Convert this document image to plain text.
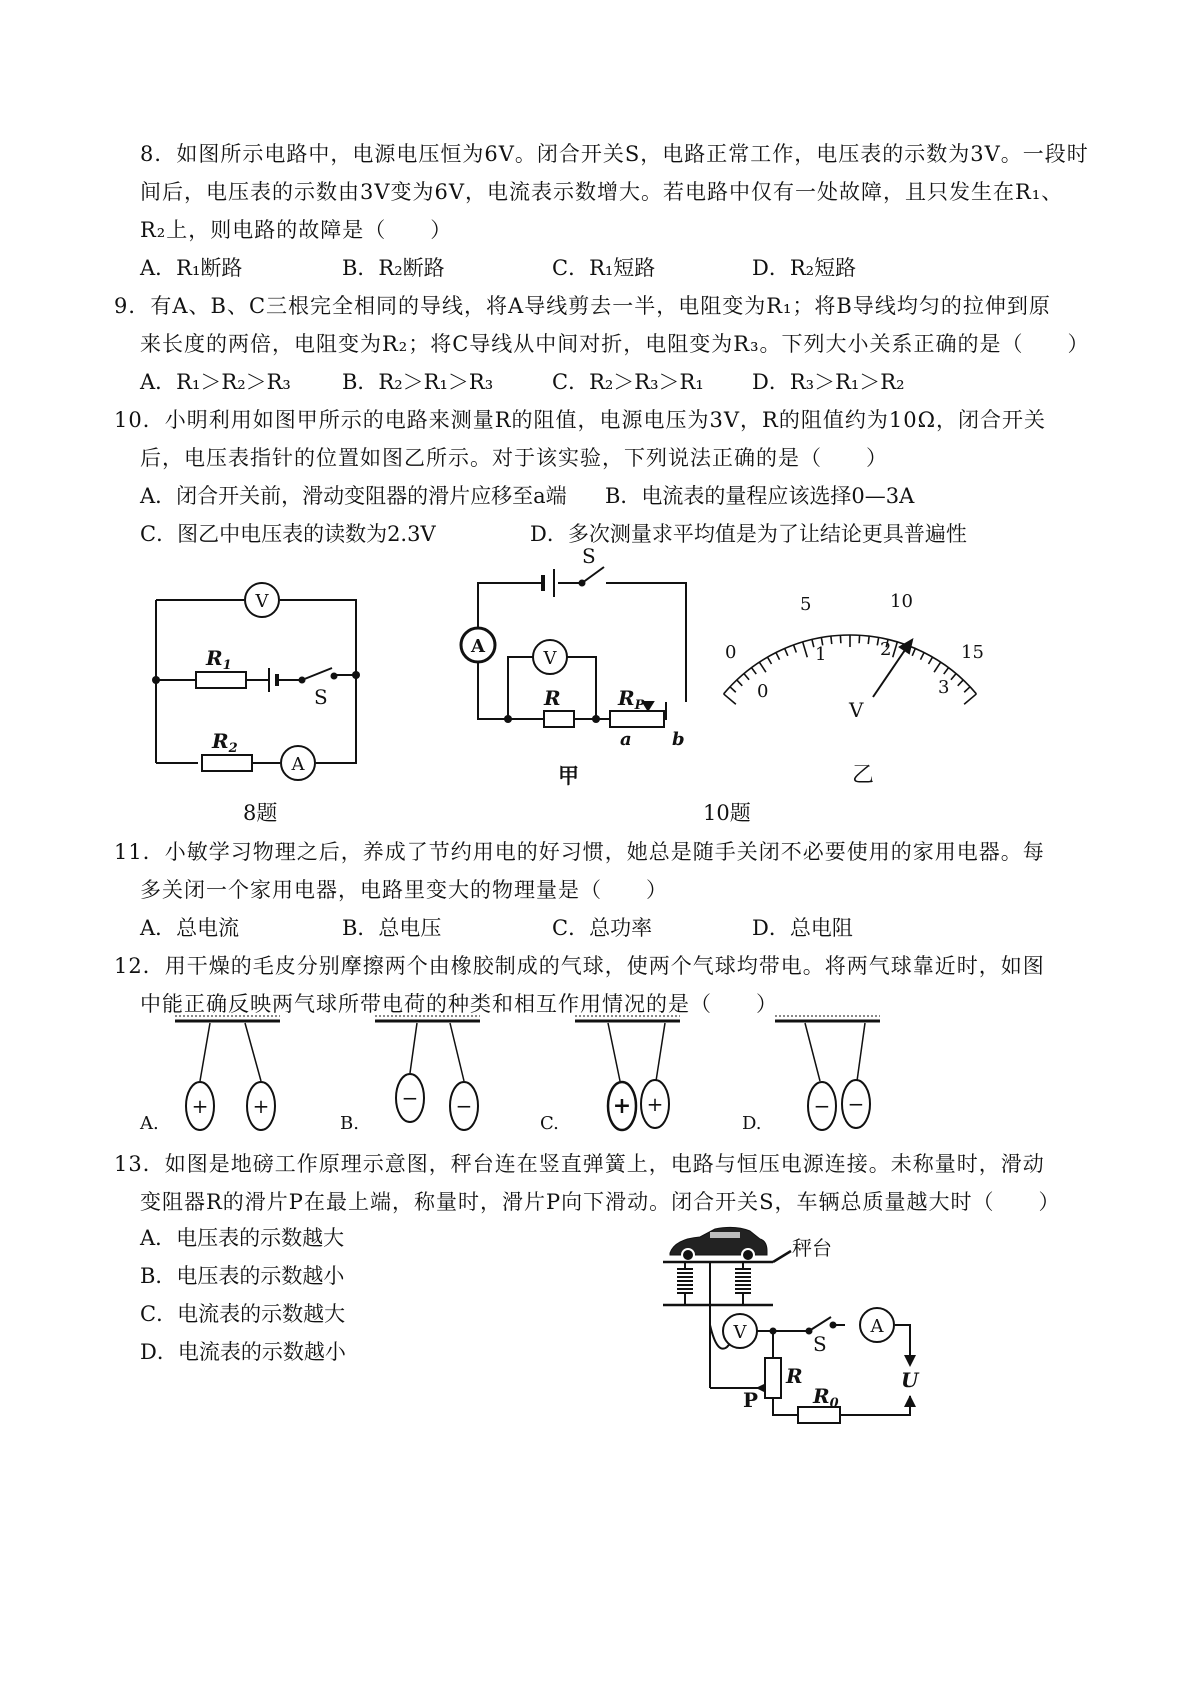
8．如图所示电路中，电源电压恒为6V。闭合开关S，电路正常工作，电压表的示数为3V。一段时
间后，电压表的示数由3V变为6V，电流表示数增大。若电路中仅有一处故障，且只发生在R₁、
R₂上，则电路的故障是（　　）
A．R₁断路	B．R₂断路	C．R₁短路	D．R₂短路
9．有A、B、C三根完全相同的导线，将A导线剪去一半，电阻变为R₁；将B导线均匀的拉伸到原
来长度的两倍，电阻变为R₂；将C导线从中间对折，电阻变为R₃。下列大小关系正确的是（　　）
A．R₁＞R₂＞R₃ B．R₂＞R₁＞R₃	C．R₂＞R₃＞R₁ D．R₃＞R₁＞R₂
10．小明利用如图甲所示的电路来测量R的阻值，电源电压为3V，R的阻值约为10Ω，闭合开关
后，电压表指针的位置如图乙所示。对于该实验，下列说法正确的是（　　）
A．闭合开关前，滑动变阻器的滑片应移至a端 B．电流表的量程应该选择0—3A
C．图乙中电压表的读数为2.3V	D．多次测量求平均值是为了让结论更具普遍性
V
$R_1$
S
$R_2$
A
8题
S
A
V
R	$R_P$
a b
甲
0
5	10
15
0
1	2
3
V
乙
10题
11．小敏学习物理之后，养成了节约用电的好习惯，她总是随手关闭不必要使用的家用电器。每
多关闭一个家用电器，电路里变大的物理量是（　　）
A．总电流	B．总电压	C．总功率	D．总电阻
12．用干燥的毛皮分别摩擦两个由橡胶制成的气球，使两个气球均带电。将两气球靠近时，如图
中能正确反映两气球所带电荷的种类和相互作用情况的是（　　）
+ +
A.
− −
B.
+ +
C.
− −
D.
13．如图是地磅工作原理示意图，秤台连在竖直弹簧上，电路与恒压电源连接。未称量时，滑动
变阻器R的滑片P在最上端，称量时，滑片P向下滑动。闭合开关S，车辆总质量越大时（　　）
A．电压表的示数越大
B．电压表的示数越小
C．电流表的示数越大
D．电流表的示数越小
秤台
V	S
A
R
P	$R_0$
U
